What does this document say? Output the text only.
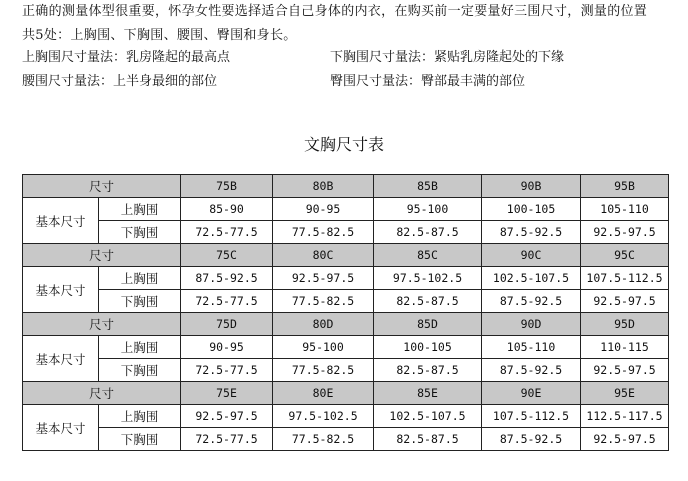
正确的测量体型很重要，怀孕女性要选择适合自己身体的内衣，在购买前一定要量好三围尺寸，测量的位置

共5处：上胸围、下胸围、腰围、臀围和身长。

上胸围尺寸量法：乳房隆起的最高点	下胸围尺寸量法：紧贴乳房隆起处的下缘
腰围尺寸量法：上半身最细的部位	臀围尺寸量法：臀部最丰满的部位
文胸尺寸表
尺寸		75B	80B	85B	90B	95B
基本尺寸	上胸围	85-90	90-95	95-100	100-105	105-110
	下胸围	72.5-77.5	77.5-82.5	82.5-87.5	87.5-92.5	92.5-97.5
尺寸		75C	80C	85C	90C	95C
基本尺寸	上胸围	87.5-92.5	92.5-97.5	97.5-102.5	102.5-107.5	107.5-112.5
	下胸围	72.5-77.5	77.5-82.5	82.5-87.5	87.5-92.5	92.5-97.5
尺寸		75D	80D	85D	90D	95D
基本尺寸	上胸围	90-95	95-100	100-105	105-110	110-115
	下胸围	72.5-77.5	77.5-82.5	82.5-87.5	87.5-92.5	92.5-97.5
尺寸		75E	80E	85E	90E	95E
基本尺寸	上胸围	92.5-97.5	97.5-102.5	102.5-107.5	107.5-112.5	112.5-117.5
	下胸围	72.5-77.5	77.5-82.5	82.5-87.5	87.5-92.5	92.5-97.5
